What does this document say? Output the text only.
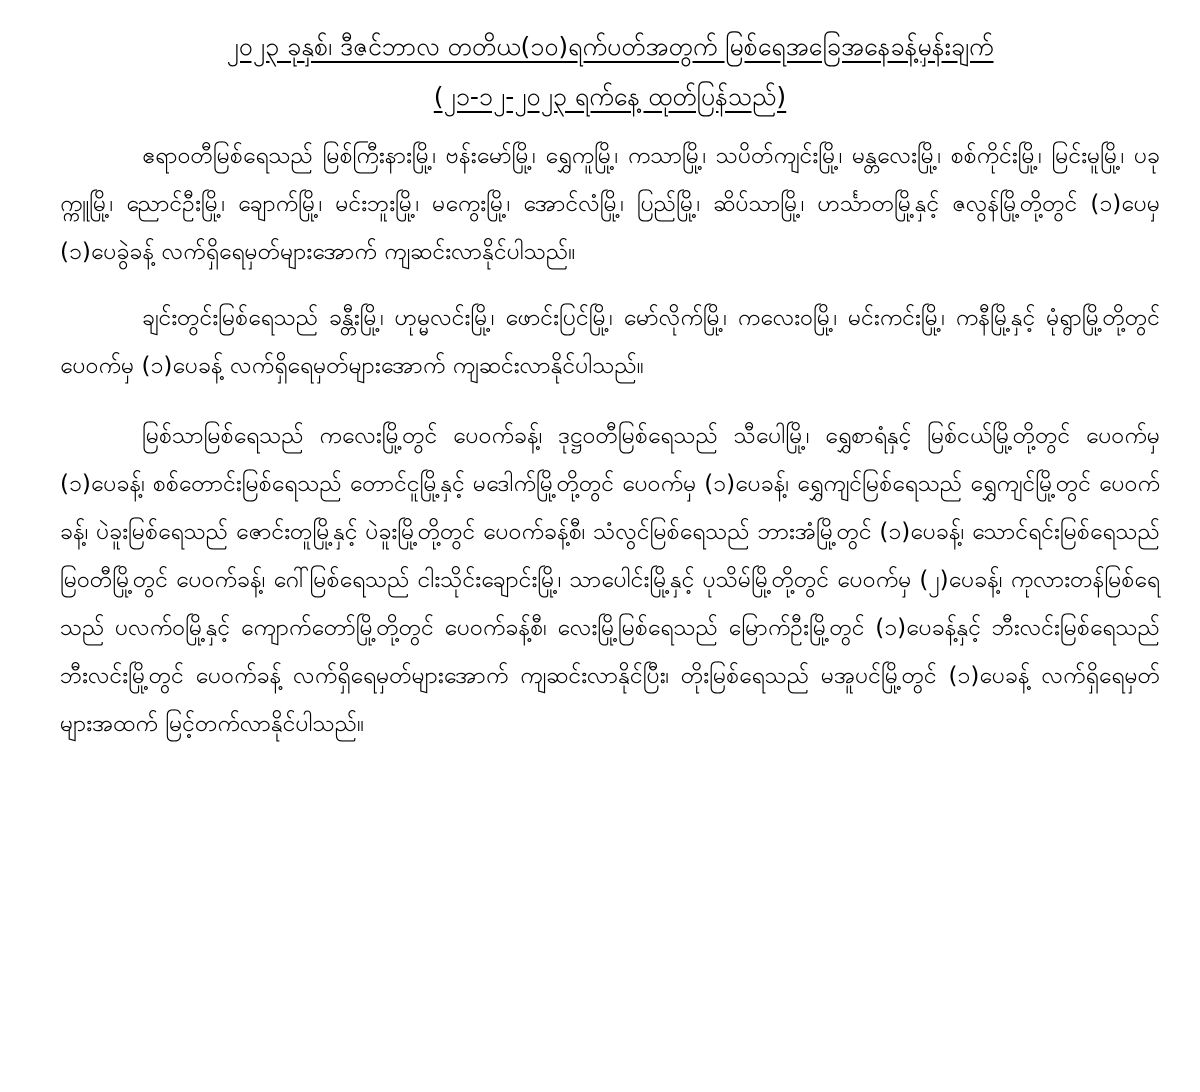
၂၀၂၃ ခုနှစ်၊ ဒီဇင်ဘာလ တတိယ(၁၀)ရက်ပတ်အတွက် မြစ်ရေအခြေအနေခန့်မှန်းချက်
(၂၁-၁၂-၂၀၂၃ ရက်နေ့ ထုတ်ပြန်သည်)

ဧရာဝတီမြစ်ရေသည် မြစ်ကြီးနားမြို့၊ ဗန်းမော်မြို့၊ ရွှေကူမြို့၊ ကသာမြို့၊ သပိတ်ကျင်းမြို့၊ မန္တလေးမြို့၊ စစ်ကိုင်းမြို့၊ မြင်းမူမြို့၊ ပခုက္ကူမြို့၊ ညောင်ဦးမြို့၊ ချောက်မြို့၊ မင်းဘူးမြို့၊ မကွေးမြို့၊ အောင်လံမြို့၊ ပြည်မြို့၊ ဆိပ်သာမြို့၊ ဟင်္သာတမြို့နှင့် ဇလွန်မြို့တို့တွင် (၁)ပေမှ (၁)ပေခွဲခန့် လက်ရှိရေမှတ်များအောက် ကျဆင်းလာနိုင်ပါသည်။

ချင်းတွင်းမြစ်ရေသည် ခန္တီးမြို့၊ ဟုမ္မလင်းမြို့၊ ဖောင်းပြင်မြို့၊ မော်လိုက်မြို့၊ ကလေးဝမြို့၊ မင်းကင်းမြို့၊ ကနီမြို့နှင့် မုံရွာမြို့တို့တွင် ပေဝက်မှ (၁)ပေခန့် လက်ရှိရေမှတ်များအောက် ကျဆင်းလာနိုင်ပါသည်။

မြစ်သာမြစ်ရေသည် ကလေးမြို့တွင် ပေဝက်ခန့်၊ ဒုဋ္ဌဝတီမြစ်ရေသည် သီပေါမြို့၊ ရွှေစာရံနှင့် မြစ်ငယ်မြို့တို့တွင် ပေဝက်မှ (၁)ပေခန့်၊ စစ်တောင်းမြစ်ရေသည် တောင်ငူမြို့နှင့် မဒေါက်မြို့တို့တွင် ပေဝက်မှ (၁)ပေခန့်၊ ရွှေကျင်မြစ်ရေသည် ရွှေကျင်မြို့တွင် ပေဝက်ခန့်၊ ပဲခူးမြစ်ရေသည် ဇောင်းတူမြို့နှင့် ပဲခူးမြို့တို့တွင် ပေဝက်ခန့်စီ၊ သံလွင်မြစ်ရေသည် ဘားအံမြို့တွင် (၁)ပေခန့်၊ သောင်ရင်းမြစ်ရေသည် မြဝတီမြို့တွင် ပေဝက်ခန့်၊ ဂေါ်မြစ်ရေသည် ငါးသိုင်းချောင်းမြို့၊ သာပေါင်းမြို့နှင့် ပုသိမ်မြို့တို့တွင် ပေဝက်မှ (၂)ပေခန့်၊ ကုလားတန်မြစ်ရေသည် ပလက်ဝမြို့နှင့် ကျောက်တော်မြို့တို့တွင် ပေဝက်ခန့်စီ၊ လေးမြို့မြစ်ရေသည် မြောက်ဦးမြို့တွင် (၁)ပေခန့်နှင့် ဘီးလင်းမြစ်ရေသည် ဘီးလင်းမြို့တွင် ပေဝက်ခန့် လက်ရှိရေမှတ်များအောက် ကျဆင်းလာနိုင်ပြီး၊ တိုးမြစ်ရေသည် မအူပင်မြို့တွင် (၁)ပေခန့် လက်ရှိရေမှတ်များအထက် မြင့်တက်လာနိုင်ပါသည်။
